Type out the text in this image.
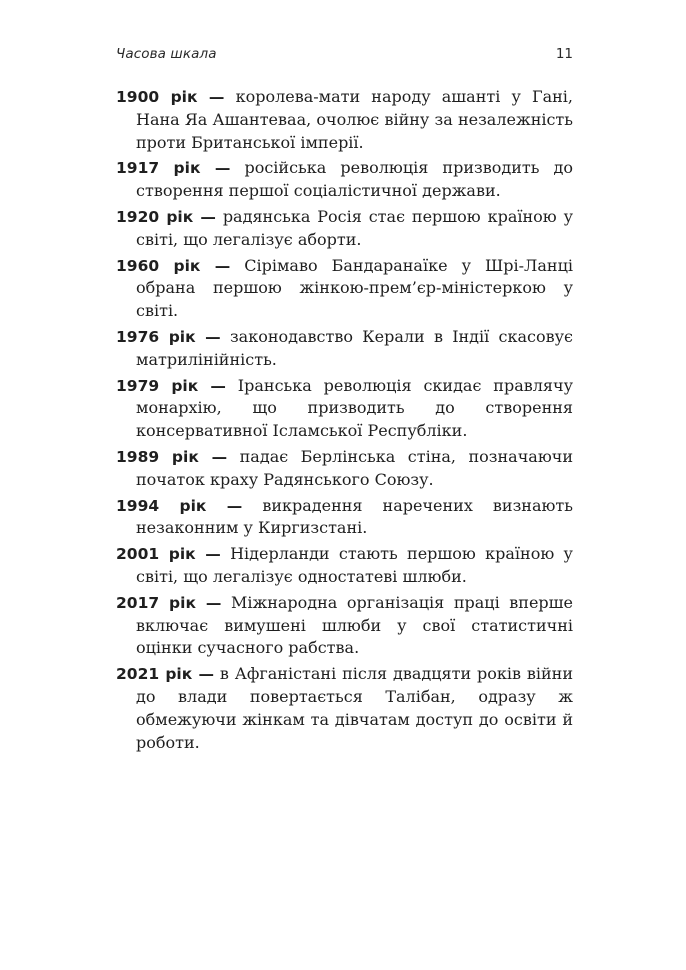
Часова шкала	11
1900 рік — королева-мати народу ашанті у Гані, Нана Яа Ашантеваа, очолює війну за незалежність проти Британської імперії.
1917 рік — російська революція призводить до створення першої соціалістичної держави.
1920 рік — радянська Росія стає першою країною у світі, що легалізує аборти.
1960 рік — Сірімаво Бандаранаїке у Шрі-Ланці обрана першою жінкою-прем’єр-міністеркою у світі.
1976 рік — законодавство Керали в Індії скасовує матрилінійність.
1979 рік — Іранська революція скидає правлячу монархію, що призводить до створення консервативної Ісламської Республіки.
1989 рік — падає Берлінська стіна, позначаючи початок краху Радянського Союзу.
1994 рік — викрадення наречених визнають незаконним у Киргизстані.
2001 рік — Нідерланди стають першою країною у світі, що легалізує одностатеві шлюби.
2017 рік — Міжнародна організація праці вперше включає вимушені шлюби у свої статистичні оцінки сучасного рабства.
2021 рік — в Афганістані після двадцяти років війни до влади повертається Талібан, одразу ж обмежуючи жінкам та дівчатам доступ до освіти й роботи.
